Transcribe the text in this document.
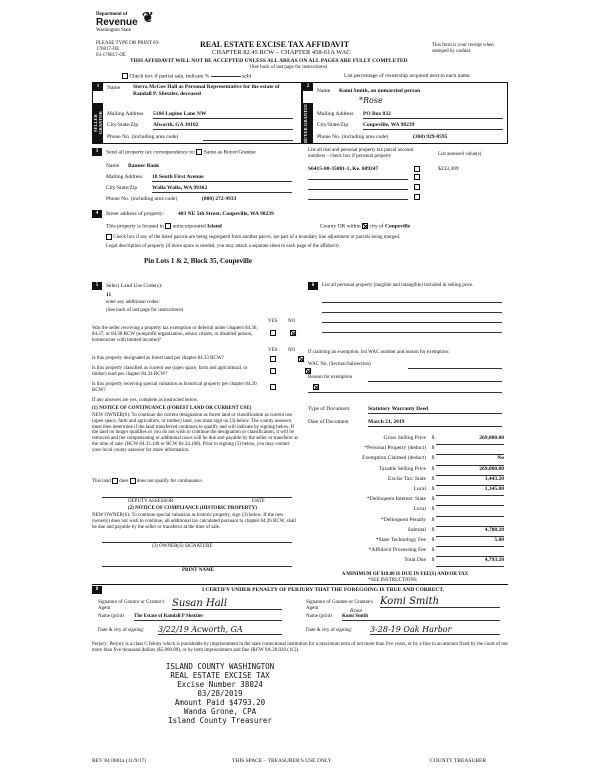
Department of
Revenue
Washington State
❦
PLEASE TYPE OR PRINT 03-
170817-OE
03-170817-OE
REAL ESTATE EXCISE TAX AFFIDAVIT
CHAPTER 82.45 RCW – CHAPTER 458-61A WAC
THIS AFFIDAVIT WILL NOT BE ACCEPTED UNLESS ALL AREAS ON ALL PAGES ARE FULLY COMPLETED
(See back of last page for instructions)
This form is your receipt when stamped by cashier.
Check box if partial sale, indicate %	sold	List percentage of ownership acquired next to each name.
1
SELLER GRANTOR
Name Sierra McGee Hall as Personal Representative for the estate of Randall P. Shetzler, deceased
Mailing Address 5166 Lupine Lane NW
City/State/Zip	Alworth, GA 30102
Phone No. (including area code)
2
BUYER GRANTEE
Name Komi Smith, an unmarried person
*Rose
Mailing Address PO Box 832
City/State/Zip	Coupeville, WA 98239
Phone No. (including area code)	(360) 929-8595
3	Send all property tax correspondence to: Same as Buyer/Grantee
Name Banner Bank
Mailing Address 10 South First Avenue
City/State/Zip	Walla Walla, WA 99362
Phone No. (including area code)	(800) 272-9933
List all real and personal property tax parcel account numbers – check box if personal property	List assessed value(s)
S6415-00-35001-1, Ke. 609247	$233,309
4	Street address of property:	403 NE 5th Street, Coupeville, WA 98239
This property is located in unincorporated Island	County OR within city of Coupeville
Check box if any of the listed parcels are being segregated from another parcel, are part of a boundary line adjustment or parcels being merged.
Legal description of property (if more space is needed, you may attach a separate sheet to each page of the affidavit)
Pin Lots 1 & 2, Block 35, Coupeville
5	Select Land Use Code(s):
11
enter any additional codes:
(See back of last page for instructions)
YES NO
Was the seller receiving a property tax exemption or deferral under chapters 84.36, 84.37, or 84.38 RCW (nonprofit organization, senior citizen, or disabled person, homeowner with limited income)?

YES NO
Is this property designated as forest land per chapter 84.33 RCW?

Is this property classified as current use (open space, farm and agricultural, or timber) land per chapter 84.34 RCW?

Is this property receiving special valuation as historical property per chapter 84.26 RCW?
If any answers are yes, complete as instructed below.
(1) NOTICE OF CONTINUANCE (FOREST LAND OR CURRENT USE)
NEW OWNER(S): To continue the current designation as forest land or classification as current use (open space, farm and agriculture, or timber) land, you must sign on (3) below. The county assessor must then determine if the land transferred continues to qualify and will indicate by signing below. If the land no longer qualifies or you do not wish to continue the designation or classification, it will be removed and the compensating or additional taxes will be due and payable by the seller or transferor at the time of sale. (RCW 84.33.140 or RCW 84.34.108). Prior to signing (3) below, you may contact your local county assessor for more information.
This land does does not qualify for continuance.
DEPUTY ASSESSOR	DATE
(2) NOTICE OF COMPLIANCE (HISTORIC PROPERTY)
NEW OWNER(S): To continue special valuation as historic property, sign (3) below. If the new owner(s) does not wish to continue, all additional tax calculated pursuant to chapter 84.26 RCW, shall be due and payable by the seller or transferor at the time of sale.
(3) OWNER(S) SIGNATURE
PRINT NAME
6	List all personal property (tangible and intangible) included in selling price.
If claiming an exemption, list WAC number and reason for exemption:
WAC No. (Section/Subsection)
Reason for exemption
Type of Document	Statutory Warranty Deed
Date of Document	March 21, 2019
Gross Selling Price $	269,000.00
*Personal Property (deduct) $
Exemption Claimed (deduct) $	No
Taxable Selling Price $	269,000.00
Excise Tax: State $	3,443.20
Local $	1,345.00
*Delinquent Interest: State $
Local $
*Delinquent Penalty $
Subtotal $	4,788.20
*State Technology Fee $	5.00
*Affidavit Processing Fee $
Total Due $	4,793.20
A MINIMUM OF $10.00 IS DUE IN FEE(S) AND/OR TAX
*SEE INSTRUCTIONS
8	I CERTIFY UNDER PENALTY OF PERJURY THAT THE FOREGOING IS TRUE AND CORRECT.
Signature of Grantor or Grantor's Agent	Susan Hall
Name (print) The Estate of Randall P Shetzler
Date & city of signing: 3/22/19 Acworth, GA
Signature of Grantee or Grantee's Agent
Komi Smith
Name (print)
Rose
Komi Smith
Date & city of signing: 3-28-19 Oak Harbor
Perjury: Perjury is a class C felony which is punishable by imprisonment in the state correctional institution for a maximum term of not more than five years, or by a fine in an amount fixed by the court of not more than five thousand dollars ($5,000.00), or by both imprisonment and fine (RCW 9A.20.020 (1C)).
ISLAND COUNTY WASHINGTON
REAL ESTATE EXCISE TAX
Excise Number 38024
03/28/2019
Amount Paid $4793.20
Wanda Grone, CPA
Island County Treasurer
REV 84 0001a (11/9/17)	THIS SPACE – TREASURER'S USE ONLY	COUNTY TREASURER
